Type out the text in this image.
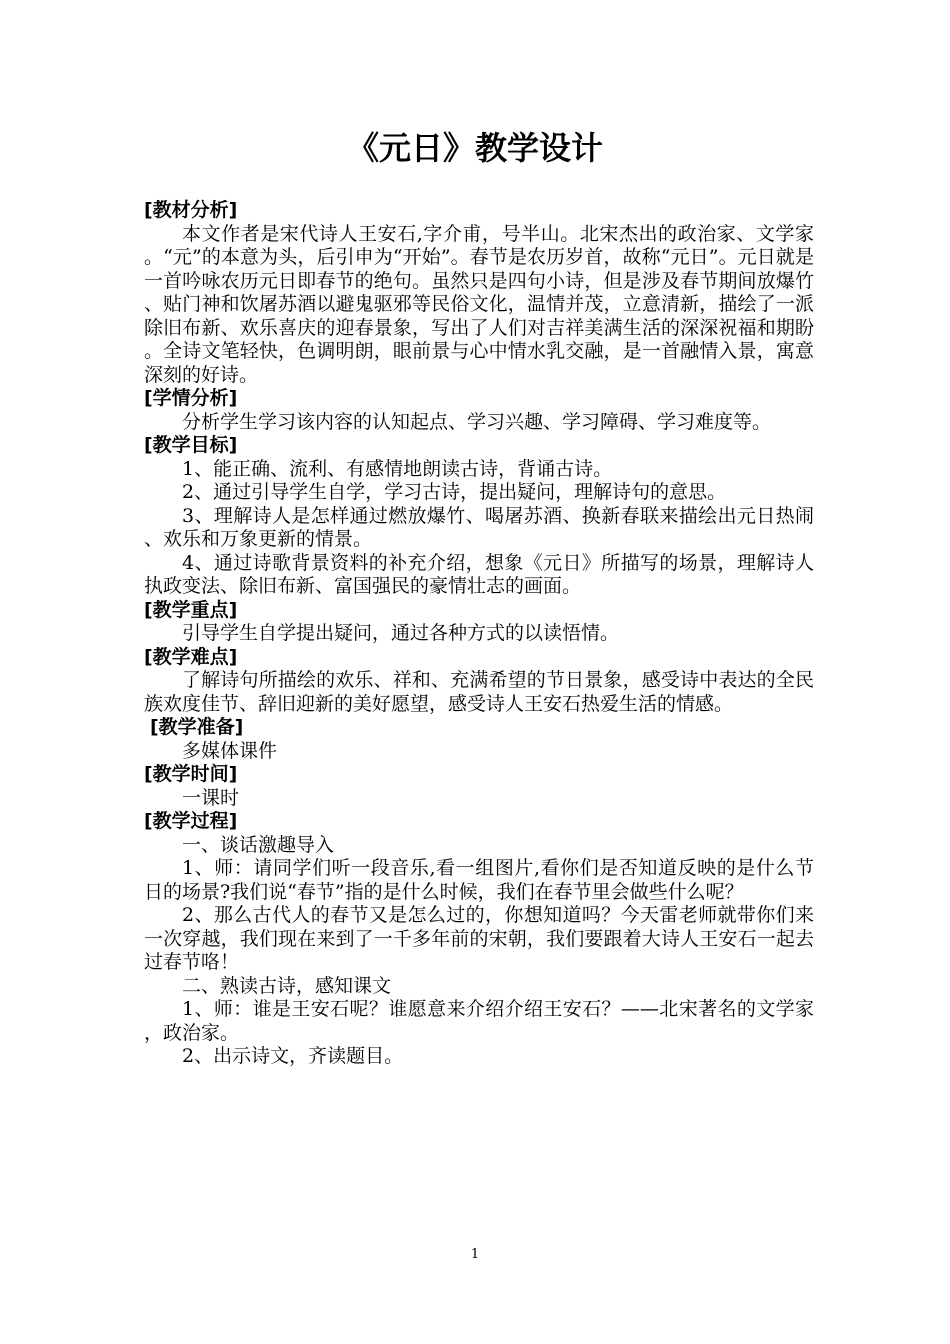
《元日》教学设计

[教材分析]

本文作者是宋代诗人王安石,字介甫，号半山。北宋杰出的政治家、文学家。“元”的本意为头，后引申为“开始”。春节是农历岁首，故称“元日”。元日就是一首吟咏农历元日即春节的绝句。虽然只是四句小诗，但是涉及春节期间放爆竹、贴门神和饮屠苏酒以避鬼驱邪等民俗文化，温情并茂，立意清新，描绘了一派除旧布新、欢乐喜庆的迎春景象，写出了人们对吉祥美满生活的深深祝福和期盼。全诗文笔轻快，色调明朗，眼前景与心中情水乳交融，是一首融情入景，寓意深刻的好诗。

[学情分析]

分析学生学习该内容的认知起点、学习兴趣、学习障碍、学习难度等。

[教学目标]

1、能正确、流利、有感情地朗读古诗，背诵古诗。

2、通过引导学生自学，学习古诗，提出疑问，理解诗句的意思。

3、理解诗人是怎样通过燃放爆竹、喝屠苏酒、换新春联来描绘出元日热闹、欢乐和万象更新的情景。

4、通过诗歌背景资料的补充介绍，想象《元日》所描写的场景，理解诗人执政变法、除旧布新、富国强民的豪情壮志的画面。

[教学重点]

引导学生自学提出疑问，通过各种方式的以读悟情。

[教学难点]

了解诗句所描绘的欢乐、祥和、充满希望的节日景象，感受诗中表达的全民族欢度佳节、辞旧迎新的美好愿望，感受诗人王安石热爱生活的情感。

[教学准备]

多媒体课件

[教学时间]

一课时

[教学过程]

一、谈话激趣导入

1、师：请同学们听一段音乐,看一组图片,看你们是否知道反映的是什么节日的场景?我们说“春节”指的是什么时候，我们在春节里会做些什么呢？

2、那么古代人的春节又是怎么过的，你想知道吗？今天雷老师就带你们来一次穿越，我们现在来到了一千多年前的宋朝，我们要跟着大诗人王安石一起去过春节咯！

二、熟读古诗，感知课文

1、师：谁是王安石呢？谁愿意来介绍介绍王安石？——北宋著名的文学家，政治家。

2、出示诗文，齐读题目。

1
